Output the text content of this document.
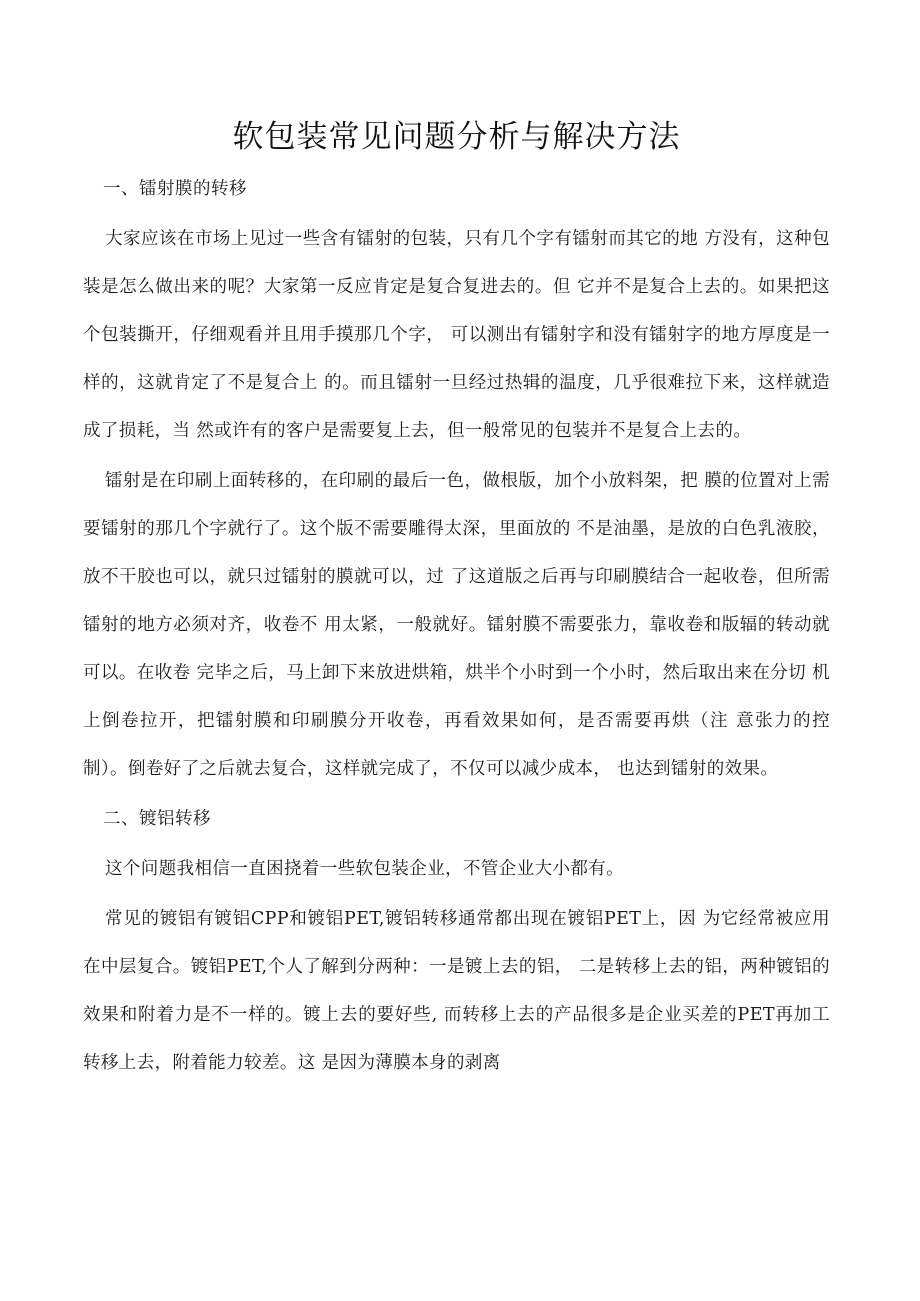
软包装常见问题分析与解决方法
一、镭射膜的转移

大家应该在市场上见过一些含有镭射的包装，只有几个字有镭射而其它的地 方没有，这种包装是怎么做出来的呢？大家第一反应肯定是复合复进去的。但 它并不是复合上去的。如果把这个包装撕开，仔细观看并且用手摸那几个字， 可以测出有镭射字和没有镭射字的地方厚度是一样的，这就肯定了不是复合上 的。而且镭射一旦经过热辑的温度，几乎很难拉下来，这样就造成了损耗，当 然或许有的客户是需要复上去，但一般常见的包装并不是复合上去的。

镭射是在印刷上面转移的，在印刷的最后一色，做根版，加个小放料架，把 膜的位置对上需要镭射的那几个字就行了。这个版不需要雕得太深，里面放的 不是油墨，是放的白色乳液胶，放不干胶也可以，就只过镭射的膜就可以，过 了这道版之后再与印刷膜结合一起收卷，但所需镭射的地方必须对齐，收卷不 用太紧，一般就好。镭射膜不需要张力，靠收卷和版辐的转动就可以。在收卷 完毕之后，马上卸下来放进烘箱，烘半个小时到一个小时，然后取出来在分切 机上倒卷拉开，把镭射膜和印刷膜分开收卷，再看效果如何，是否需要再烘（注 意张力的控制）。倒卷好了之后就去复合，这样就完成了，不仅可以减少成本， 也达到镭射的效果。

二、镀铝转移

这个问题我相信一直困挠着一些软包装企业，不管企业大小都有。

常见的镀铝有镀铝CPP和镀铝PET,镀铝转移通常都出现在镀铝PET上，因 为它经常被应用在中层复合。镀铝PET,个人了解到分两种：一是镀上去的铝， 二是转移上去的铝，两种镀铝的效果和附着力是不一样的。镀上去的要好些, 而转移上去的产品很多是企业买差的PET再加工转移上去，附着能力较差。这 是因为薄膜本身的剥离
